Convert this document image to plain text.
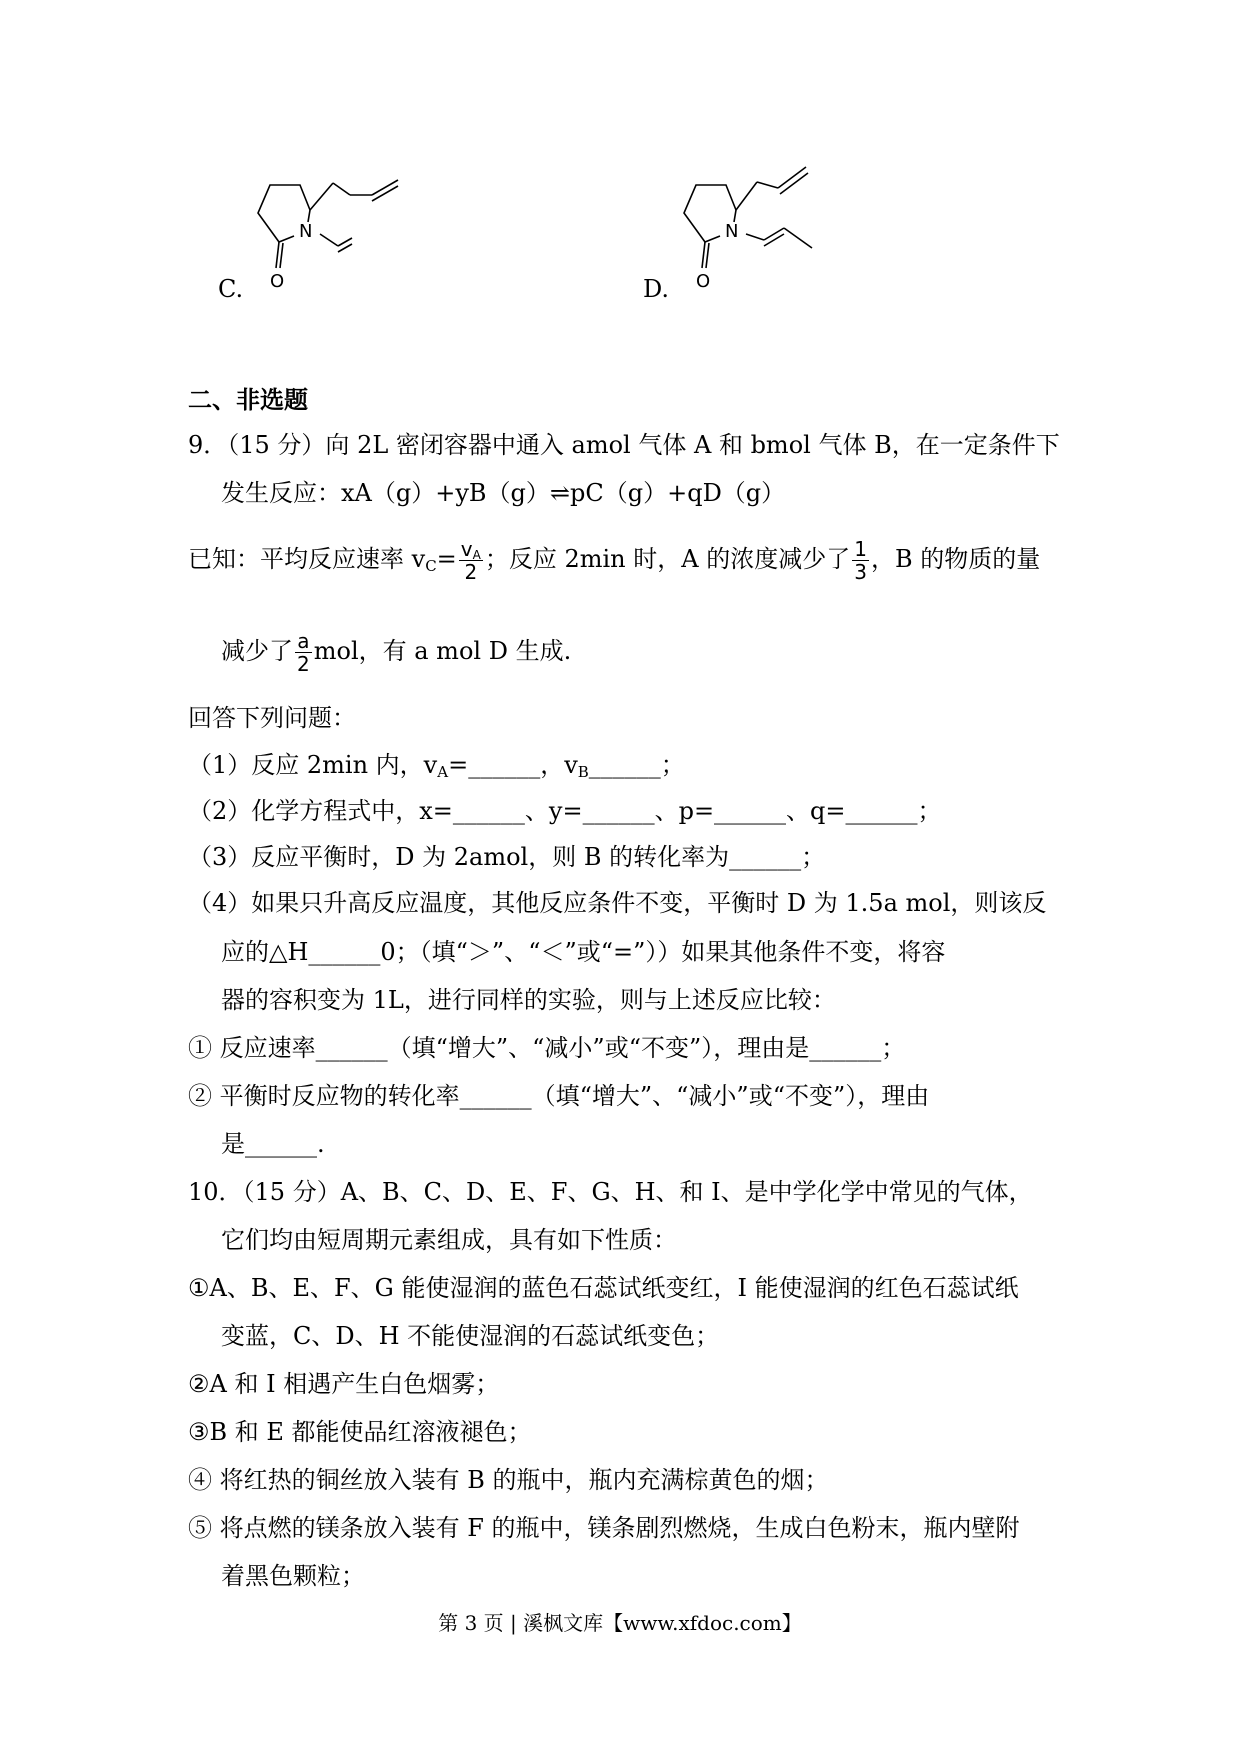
C.
N
O	D.
N
O
二、非选题
9．（15 分）向 2L 密闭容器中通入 amol 气体 A 和 bmol 气体 B，在一定条件下
发生反应：xA（g）+yB（g）⇌pC（g）+qD（g）
已知：平均反应速率 $v_C= \frac{v_A}{2}$ ；反应 2min 时，A 的浓度减少了 $\frac{1}{3}$ ，B 的物质的量
减少了 $\frac{a}{2}$ mol，有 a mol D 生成.
回答下列问题：
（1）反应 2min 内，$v_A=\_\_\_\_\_\_$，$v_B\_\_\_\_\_\_$；
（2）化学方程式中，x=______、y=______、p=______、q=______；
（3）反应平衡时，D 为 2amol，则 B 的转化率为______；
（4）如果只升高反应温度，其他反应条件不变，平衡时 D 为 1.5a mol，则该反
应的△H______0；（填“＞”、“＜”或“=”））如果其他条件不变，将容
器的容积变为 1L，进行同样的实验，则与上述反应比较：
① 反应速率______（填“增大”、“减小”或“不变”），理由是______；
② 平衡时反应物的转化率______（填“增大”、“减小”或“不变”），理由
是______.
10．（15 分）A、B、C、D、E、F、G、H、和 I、是中学化学中常见的气体，
它们均由短周期元素组成，具有如下性质：
①A、B、E、F、G 能使湿润的蓝色石蕊试纸变红，I 能使湿润的红色石蕊试纸
变蓝，C、D、H 不能使湿润的石蕊试纸变色；
②A 和 I 相遇产生白色烟雾；
③B 和 E 都能使品红溶液褪色；
④ 将红热的铜丝放入装有 B 的瓶中，瓶内充满棕黄色的烟；
⑤ 将点燃的镁条放入装有 F 的瓶中，镁条剧烈燃烧，生成白色粉末，瓶内壁附
着黑色颗粒；
第 3 页 | 溪枫文库【www.xfdoc.com】
